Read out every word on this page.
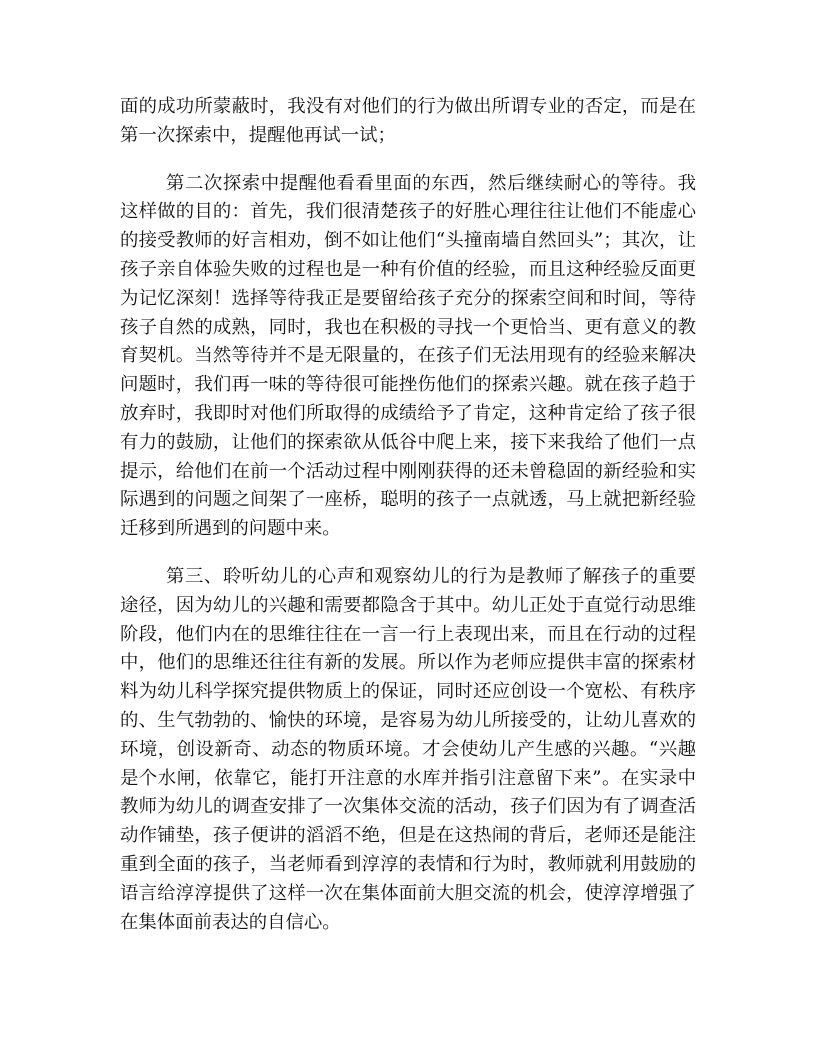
面的成功所蒙蔽时，我没有对他们的行为做出所谓专业的否定，而是在第一次探索中，提醒他再试一试；

第二次探索中提醒他看看里面的东西，然后继续耐心的等待。我这样做的目的：首先，我们很清楚孩子的好胜心理往往让他们不能虚心的接受教师的好言相劝，倒不如让他们“头撞南墙自然回头”；其次，让孩子亲自体验失败的过程也是一种有价值的经验，而且这种经验反面更为记忆深刻！选择等待我正是要留给孩子充分的探索空间和时间，等待孩子自然的成熟，同时，我也在积极的寻找一个更恰当、更有意义的教育契机。当然等待并不是无限量的，在孩子们无法用现有的经验来解决问题时，我们再一味的等待很可能挫伤他们的探索兴趣。就在孩子趋于放弃时，我即时对他们所取得的成绩给予了肯定，这种肯定给了孩子很有力的鼓励，让他们的探索欲从低谷中爬上来，接下来我给了他们一点提示，给他们在前一个活动过程中刚刚获得的还未曾稳固的新经验和实际遇到的问题之间架了一座桥，聪明的孩子一点就透，马上就把新经验迁移到所遇到的问题中来。

第三、聆听幼儿的心声和观察幼儿的行为是教师了解孩子的重要途径，因为幼儿的兴趣和需要都隐含于其中。幼儿正处于直觉行动思维阶段，他们内在的思维往往在一言一行上表现出来，而且在行动的过程中，他们的思维还往往有新的发展。所以作为老师应提供丰富的探索材料为幼儿科学探究提供物质上的保证，同时还应创设一个宽松、有秩序的、生气勃勃的、愉快的环境，是容易为幼儿所接受的，让幼儿喜欢的环境，创设新奇、动态的物质环境。才会使幼儿产生感的兴趣。“兴趣是个水闸，依靠它，能打开注意的水库并指引注意留下来”。在实录中教师为幼儿的调查安排了一次集体交流的活动，孩子们因为有了调查活动作铺垫，孩子便讲的滔滔不绝，但是在这热闹的背后，老师还是能注重到全面的孩子，当老师看到淳淳的表情和行为时，教师就利用鼓励的语言给淳淳提供了这样一次在集体面前大胆交流的机会，使淳淳增强了在集体面前表达的自信心。
